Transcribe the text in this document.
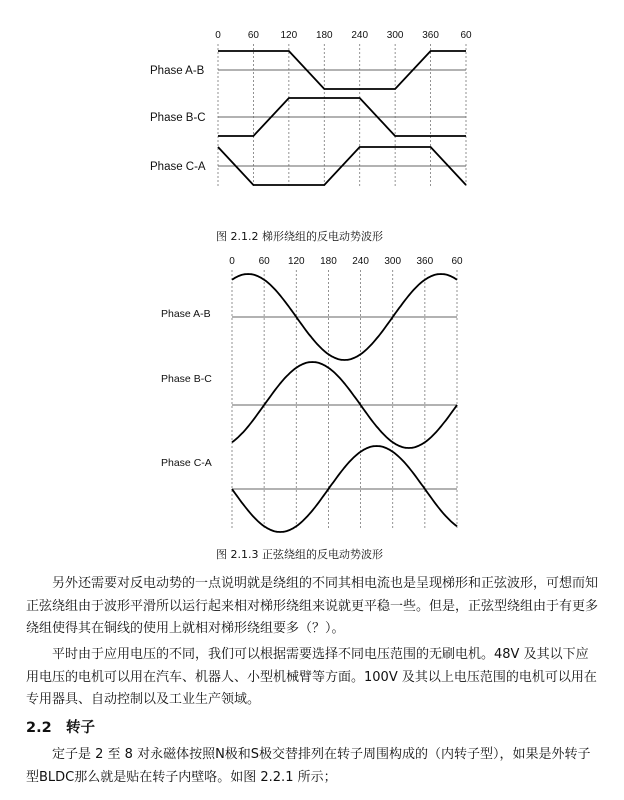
0	60 120 180 240 300 360 60
Phase A-B
Phase B-C
Phase C-A
0 60 120 180 240 300 360 60
Phase A-B
Phase B-C
Phase C-A
图 2.1.2 梯形绕组的反电动势波形
图 2.1.3 正弦绕组的反电动势波形

另外还需要对反电动势的一点说明就是绕组的不同其相电流也是呈现梯形和正弦波形，可想而知正弦绕组由于波形平滑所以运行起来相对梯形绕组来说就更平稳一些。但是，正弦型绕组由于有更多绕组使得其在铜线的使用上就相对梯形绕组要多（？）。

平时由于应用电压的不同，我们可以根据需要选择不同电压范围的无刷电机。48V 及其以下应用电压的电机可以用在汽车、机器人、小型机械臂等方面。100V 及其以上电压范围的电机可以用在专用器具、自动控制以及工业生产领域。

2.2 转子

定子是 2 至 8 对永磁体按照N极和S极交替排列在转子周围构成的（内转子型），如果是外转子型BLDC那么就是贴在转子内壁咯。如图 2.2.1 所示；
